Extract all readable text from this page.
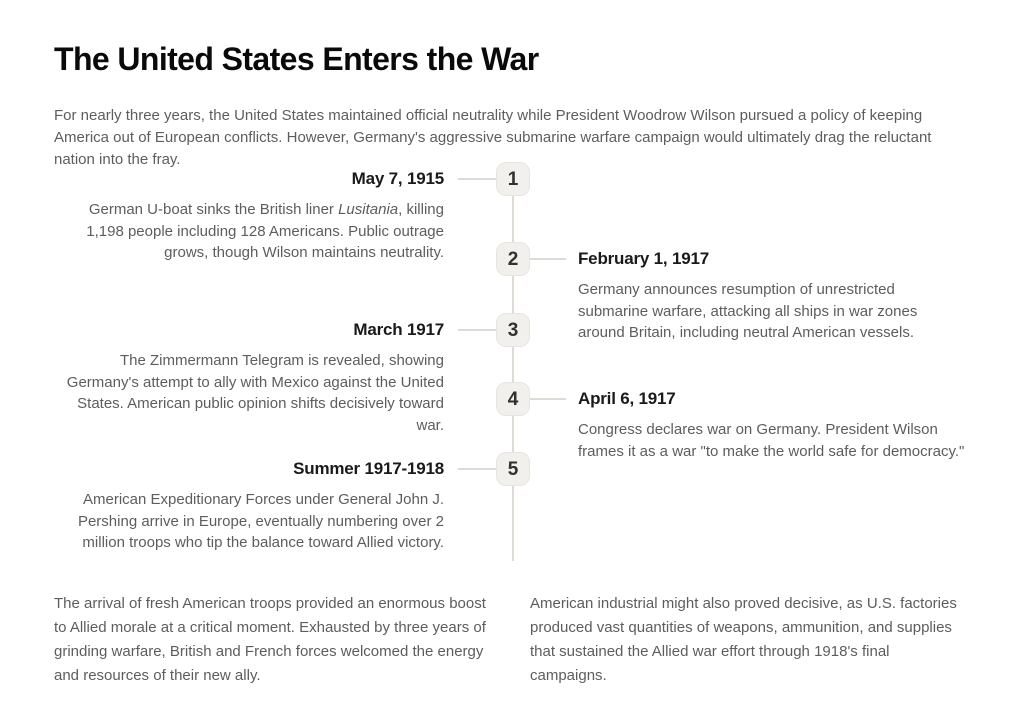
The United States Enters the War

For nearly three years, the United States maintained official neutrality while President Woodrow Wilson pursued a policy of keeping America out of European conflicts. However, Germany's aggressive submarine warfare campaign would ultimately drag the reluctant nation into the fray.

1
May 7, 1915

German U-boat sinks the British liner Lusitania, killing 1,198 people including 128 Americans. Public outrage grows, though Wilson maintains neutrality.	2	February 1, 1917

Germany announces resumption of unrestricted submarine warfare, attacking all ships in war zones around Britain, including neutral American vessels.

3
March 1917

The Zimmermann Telegram is revealed, showing Germany's attempt to ally with Mexico against the United States. American public opinion shifts decisively toward war.

4	April 6, 1917

Congress declares war on Germany. President Wilson frames it as a war "to make the world safe for democracy."

5
Summer 1917-1918

American Expeditionary Forces under General John J. Pershing arrive in Europe, eventually numbering over 2 million troops who tip the balance toward Allied victory.

The arrival of fresh American troops provided an enormous boost to Allied morale at a critical moment. Exhausted by three years of grinding warfare, British and French forces welcomed the energy and resources of their new ally.

American industrial might also proved decisive, as U.S. factories produced vast quantities of weapons, ammunition, and supplies that sustained the Allied war effort through 1918's final campaigns.
